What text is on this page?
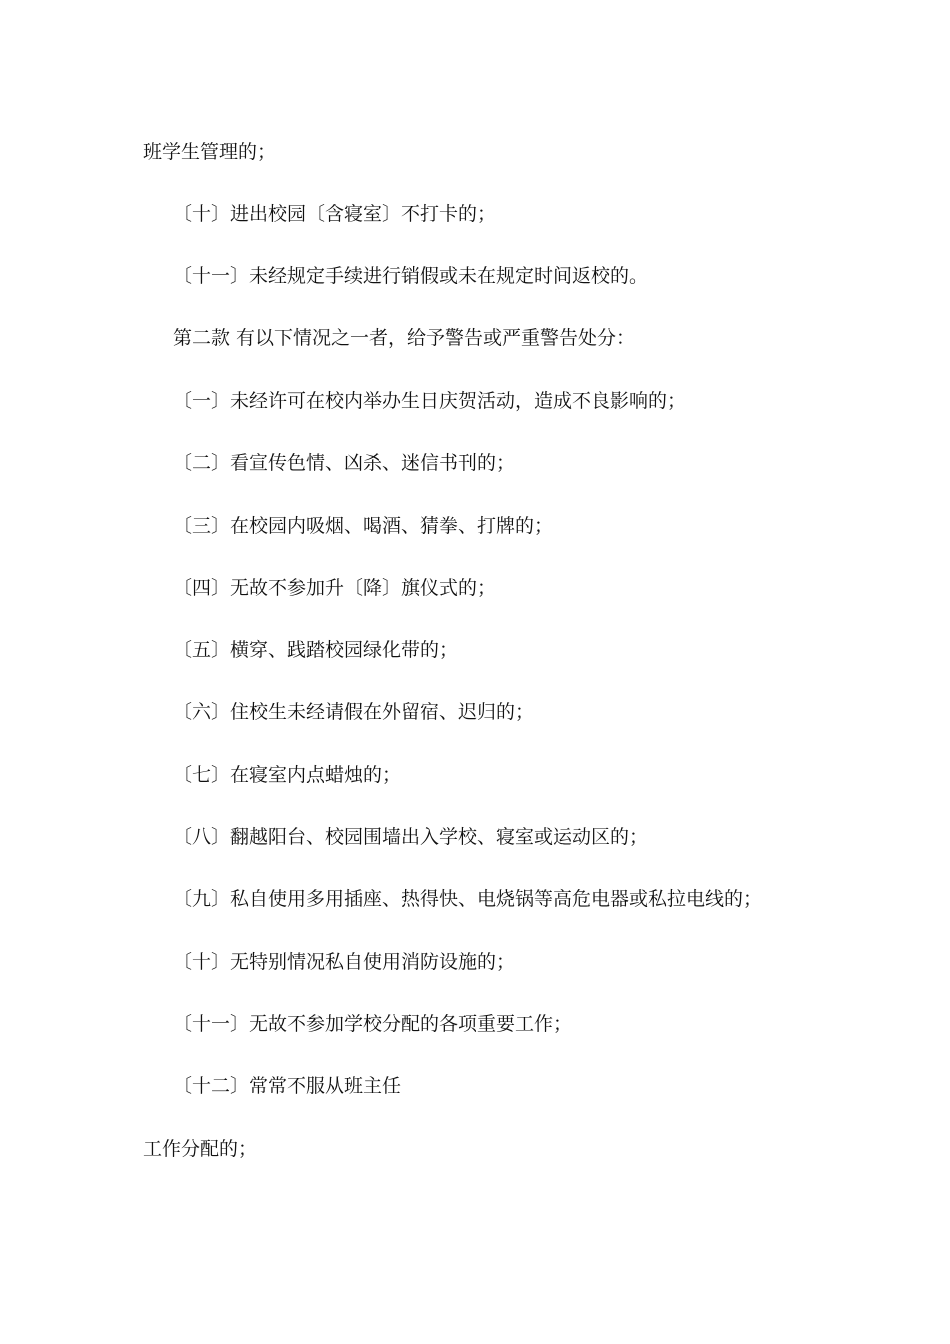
班学生管理的；
〔十〕进出校园〔含寝室〕不打卡的；
〔十一〕未经规定手续进行销假或未在规定时间返校的。
第二款 有以下情况之一者，给予警告或严重警告处分：
〔一〕未经许可在校内举办生日庆贺活动，造成不良影响的；
〔二〕看宣传色情、凶杀、迷信书刊的；
〔三〕在校园内吸烟、喝酒、猜拳、打牌的；
〔四〕无故不参加升〔降〕旗仪式的；
〔五〕横穿、践踏校园绿化带的；
〔六〕住校生未经请假在外留宿、迟归的；
〔七〕在寝室内点蜡烛的；
〔八〕翻越阳台、校园围墙出入学校、寝室或运动区的；
〔九〕私自使用多用插座、热得快、电烧锅等高危电器或私拉电线的；
〔十〕无特别情况私自使用消防设施的；
〔十一〕无故不参加学校分配的各项重要工作；
〔十二〕常常不服从班主任
工作分配的；
